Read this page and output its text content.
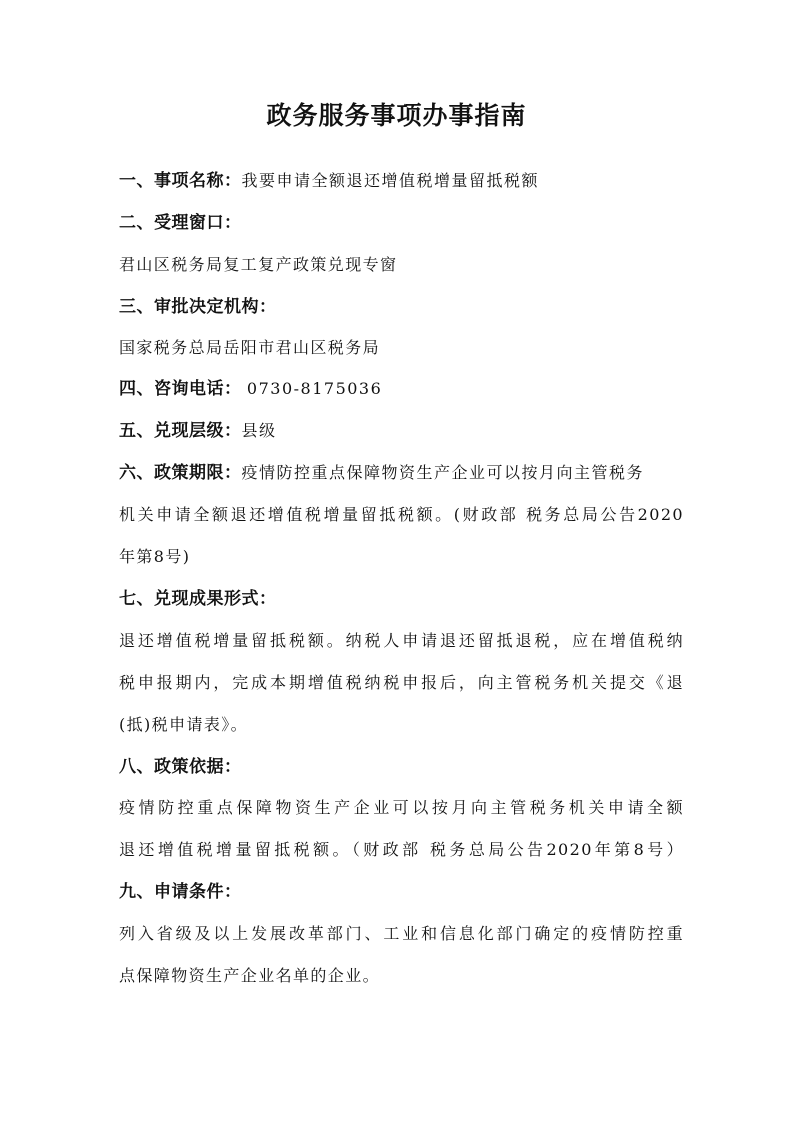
政务服务事项办事指南
一、事项名称：我要申请全额退还增值税增量留抵税额
二、受理窗口：
君山区税务局复工复产政策兑现专窗
三、审批决定机构：
国家税务总局岳阳市君山区税务局
四、咨询电话： 0730-8175036
五、兑现层级：县级
六、政策期限：疫情防控重点保障物资生产企业可以按月向主管税务
机关申请全额退还增值税增量留抵税额。(财政部 税务总局公告2020
年第8号)
七、兑现成果形式：
退还增值税增量留抵税额。纳税人申请退还留抵退税，应在增值税纳
税申报期内，完成本期增值税纳税申报后，向主管税务机关提交《退
(抵)税申请表》。
八、政策依据：
疫情防控重点保障物资生产企业可以按月向主管税务机关申请全额
退还增值税增量留抵税额。（财政部 税务总局公告2020年第8号）
九、申请条件：
列入省级及以上发展改革部门、工业和信息化部门确定的疫情防控重
点保障物资生产企业名单的企业。
